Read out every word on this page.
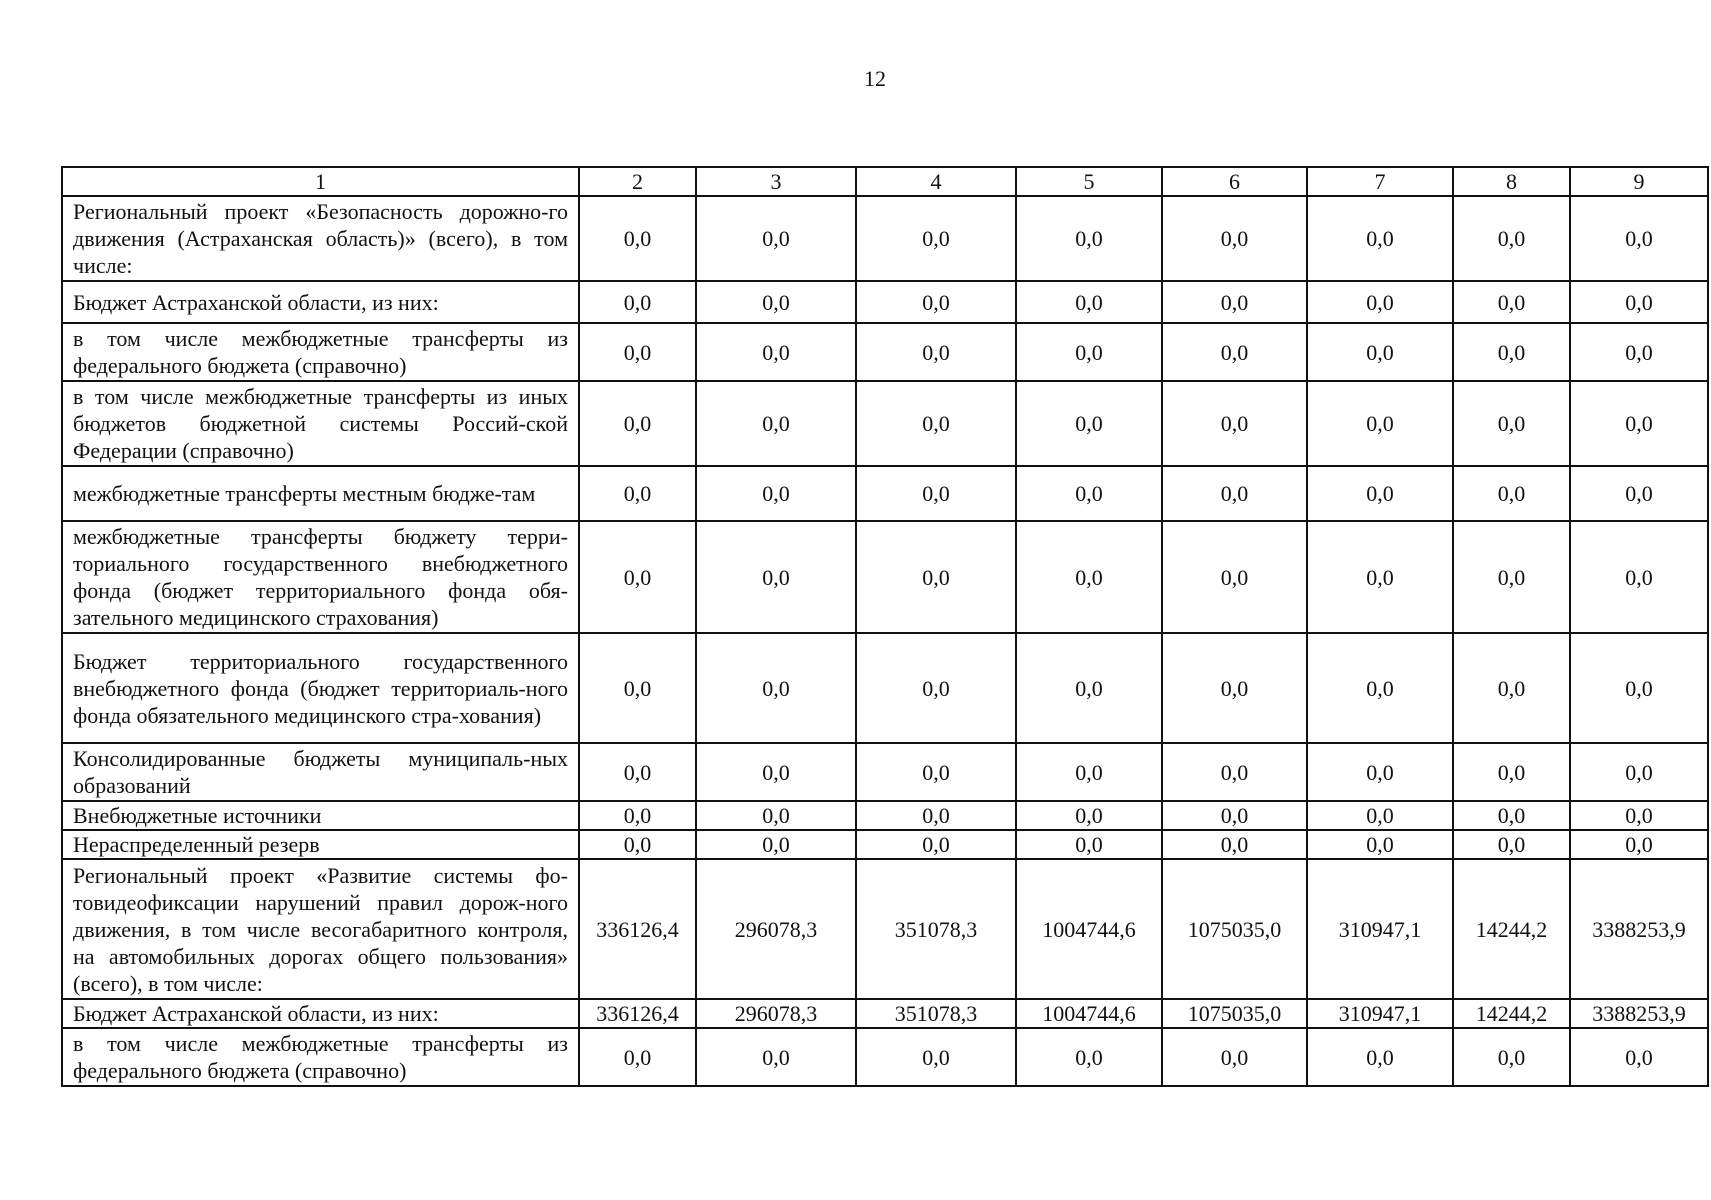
12
1	2	3	4	5	6	7	8	9
Региональный проект «Безопасность дорожно-го движения (Астраханская область)» (всего), в том числе:	0,0	0,0	0,0	0,0	0,0	0,0	0,0	0,0
Бюджет Астраханской области, из них:	0,0	0,0	0,0	0,0	0,0	0,0	0,0	0,0
в том числе межбюджетные трансферты из федерального бюджета (справочно)	0,0	0,0	0,0	0,0	0,0	0,0	0,0	0,0
в том числе межбюджетные трансферты из иных бюджетов бюджетной системы Россий-ской Федерации (справочно)	0,0	0,0	0,0	0,0	0,0	0,0	0,0	0,0
межбюджетные трансферты местным бюдже-там	0,0	0,0	0,0	0,0	0,0	0,0	0,0	0,0
межбюджетные трансферты бюджету терри-ториального государственного внебюджетного фонда (бюджет территориального фонда обя-зательного медицинского страхования)	0,0	0,0	0,0	0,0	0,0	0,0	0,0	0,0
Бюджет территориального государственного внебюджетного фонда (бюджет территориаль-ного фонда обязательного медицинского стра-хования)	0,0	0,0	0,0	0,0	0,0	0,0	0,0	0,0
Консолидированные бюджеты муниципаль-ных образований	0,0	0,0	0,0	0,0	0,0	0,0	0,0	0,0
Внебюджетные источники	0,0	0,0	0,0	0,0	0,0	0,0	0,0	0,0
Нераспределенный резерв	0,0	0,0	0,0	0,0	0,0	0,0	0,0	0,0
Региональный проект «Развитие системы фо-товидеофиксации нарушений правил дорож-ного движения, в том числе весогабаритного контроля, на автомобильных дорогах общего пользования» (всего), в том числе:	336126,4	296078,3	351078,3	1004744,6	1075035,0	310947,1	14244,2	3388253,9
Бюджет Астраханской области, из них:	336126,4	296078,3	351078,3	1004744,6	1075035,0	310947,1	14244,2	3388253,9
в том числе межбюджетные трансферты из федерального бюджета (справочно)	0,0	0,0	0,0	0,0	0,0	0,0	0,0	0,0
